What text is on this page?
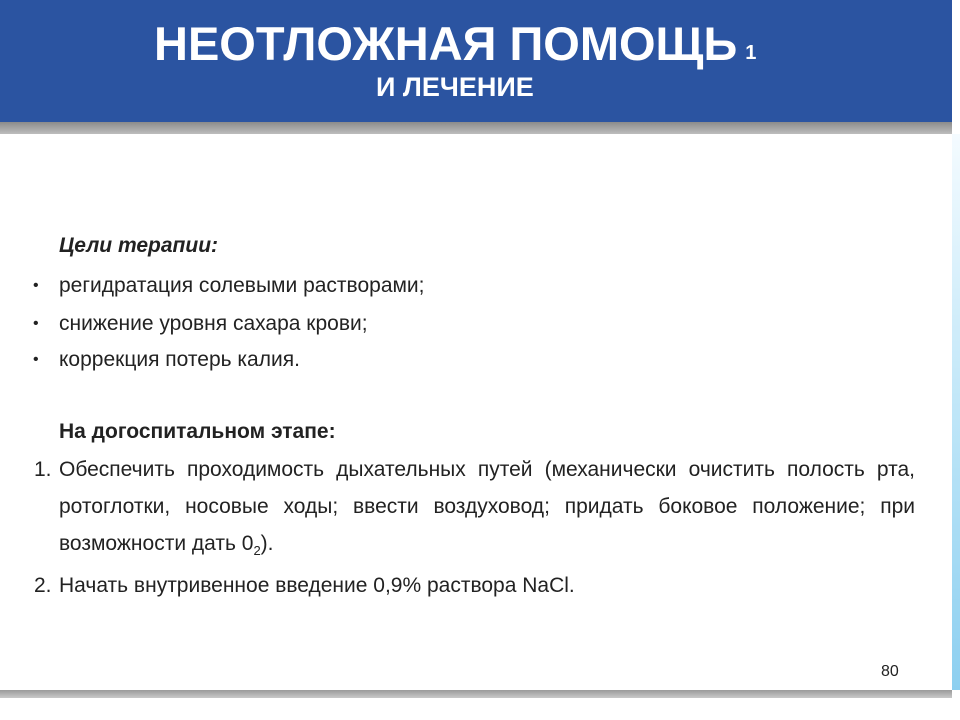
НЕОТЛОЖНАЯ ПОМОЩЬ 1
И ЛЕЧЕНИЕ
Цели терапии:
• регидратация солевыми растворами;
• снижение уровня сахара крови;
• коррекция потерь калия.
На догоспитальном этапе:
1. Обеспечить проходимость дыхательных путей (механически очистить полость рта, ротоглотки, носовые ходы; ввести воздуховод; придать боковое положение; при возможности дать $0_2$).
2. Начать внутривенное введение 0,9% раствора NaCl.
80
